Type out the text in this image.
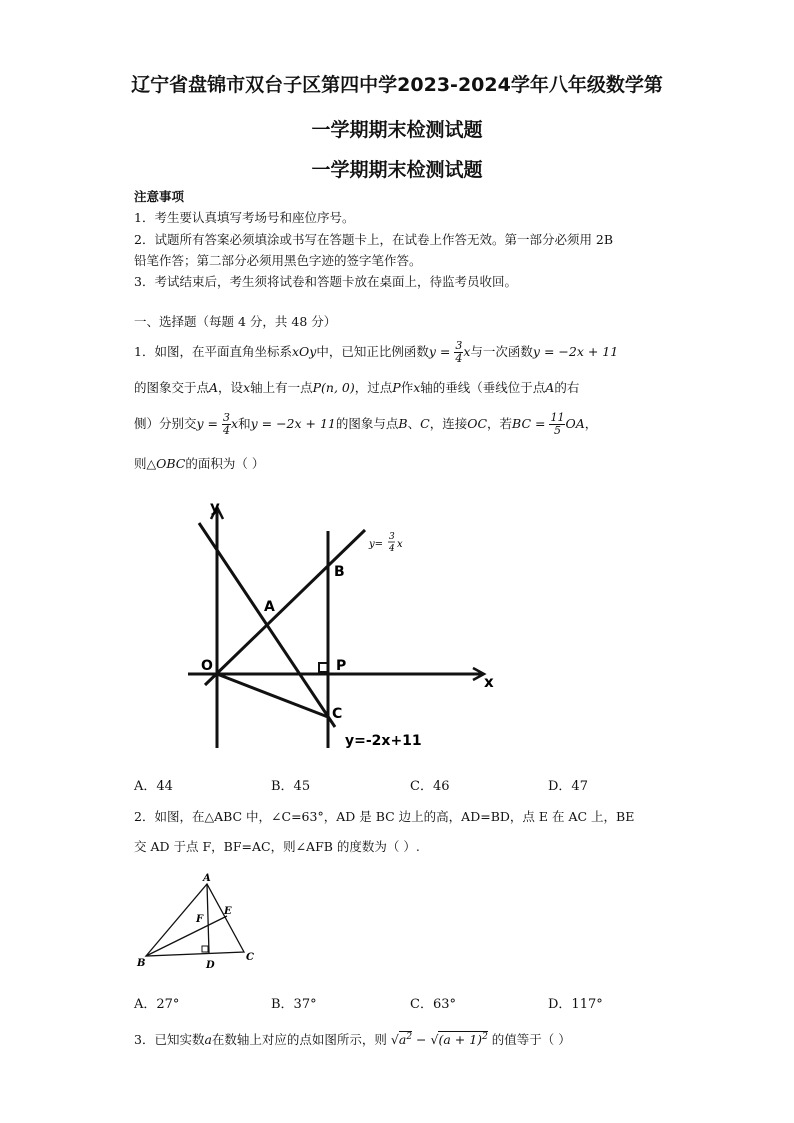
辽宁省盘锦市双台子区第四中学2023-2024学年八年级数学第
一学期期末检测试题
一学期期末检测试题
注意事项
1．考生要认真填写考场号和座位序号。
2．试题所有答案必须填涂或书写在答题卡上，在试卷上作答无效。第一部分必须用 2B
铅笔作答；第二部分必须用黑色字迹的签字笔作答。
3．考试结束后，考生须将试卷和答题卡放在桌面上，待监考员收回。
一、选择题（每题 4 分，共 48 分）
1．如图，在平面直角坐标系xOy中，已知正比例函数$y = \frac{3}{4}$ x与一次函数y = −2x + 11
的图象交于点A，设x轴上有一点P(n, 0)，过点P作x轴的垂线（垂线位于点A的右
侧）分别交$y = \frac{3}{4}$ x和y = −2x + 11的图象与点B、C，连接OC，若BC = $\frac{11}{5}$ OA，
则△OBC的面积为（ ）
y
x
O
A
B
P
C
y=-2x+11
y=
3
4 x
A．44	B．45	C．46	D．47
2．如图，在△ABC 中，∠C=63°，AD 是 BC 边上的高，AD=BD，点 E 在 AC 上，BE
交 AD 于点 F，BF=AC，则∠AFB 的度数为（ ）.
A
B
C
D
E
F
A．27°	B．37°	C．63°	D．117°
3．已知实数a在数轴上对应的点如图所示，则 $√a^2 - √(a + 1)^2$ 的值等于（ ）
